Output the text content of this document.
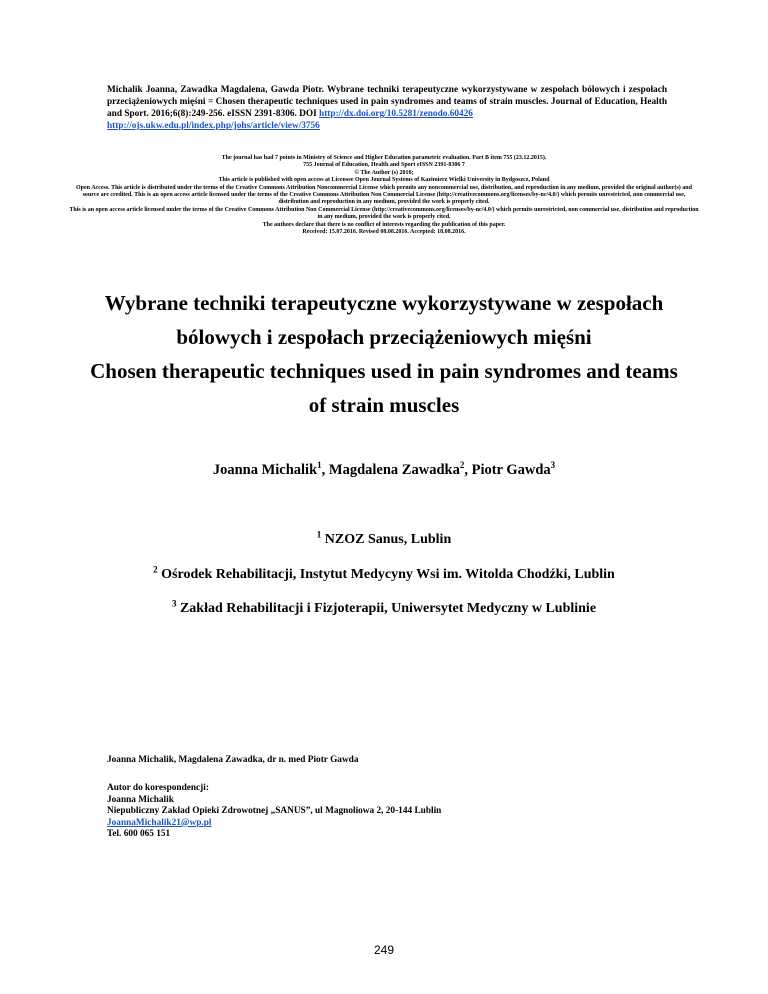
Michalik Joanna, Zawadka Magdalena, Gawda Piotr. Wybrane techniki terapeutyczne wykorzystywane w zespołach bólowych i zespołach przeciążeniowych mięśni = Chosen therapeutic techniques used in pain syndromes and teams of strain muscles. Journal of Education, Health and Sport. 2016;6(8):249-256. eISSN 2391-8306. DOI http://dx.doi.org/10.5281/zenodo.60426
http://ojs.ukw.edu.pl/index.php/johs/article/view/3756
The journal has had 7 points in Ministry of Science and Higher Education parametric evaluation. Part B item 755 (23.12.2015).
755 Journal of Education, Health and Sport eISSN 2391-8306 7
© The Author (s) 2016;
This article is published with open access at Licensee Open Journal Systems of Kazimierz Wielki University in Bydgoszcz, Poland
Open Access. This article is distributed under the terms of the Creative Commons Attribution Noncommercial License which permits any noncommercial use, distribution, and reproduction in any medium, provided the original author(s) and source are credited. This is an open access article licensed under the terms of the Creative Commons Attribution Non Commercial License (http://creativecommons.org/licenses/by-nc/4.0/) which permits unrestricted, non commercial use, distribution and reproduction in any medium, provided the work is properly cited.
This is an open access article licensed under the terms of the Creative Commons Attribution Non Commercial License (http://creativecommons.org/licenses/by-nc/4.0/) which permits unrestricted, non commercial use, distribution and reproduction in any medium, provided the work is properly cited.
The authors declare that there is no conflict of interests regarding the publication of this paper.
Received: 15.07.2016. Revised 08.08.2016. Accepted: 18.08.2016.
Wybrane techniki terapeutyczne wykorzystywane w zespołach bólowych i zespołach przeciążeniowych mięśni
Chosen therapeutic techniques used in pain syndromes and teams of strain muscles
Joanna Michalik$^1$, Magdalena Zawadka$^2$, Piotr Gawda$^3$
$^1$ NZOZ Sanus, Lublin
$^2$ Ośrodek Rehabilitacji, Instytut Medycyny Wsi im. Witolda Chodźki, Lublin
$^3$ Zakład Rehabilitacji i Fizjoterapii, Uniwersytet Medyczny w Lublinie
Joanna Michalik, Magdalena Zawadka, dr n. med Piotr Gawda
Autor do korespondencji:
Joanna Michalik
Niepubliczny Zakład Opieki Zdrowotnej „SANUS”, ul Magnoliowa 2, 20-144 Lublin
JoannaMichalik21@wp.pl
Tel. 600 065 151
249
